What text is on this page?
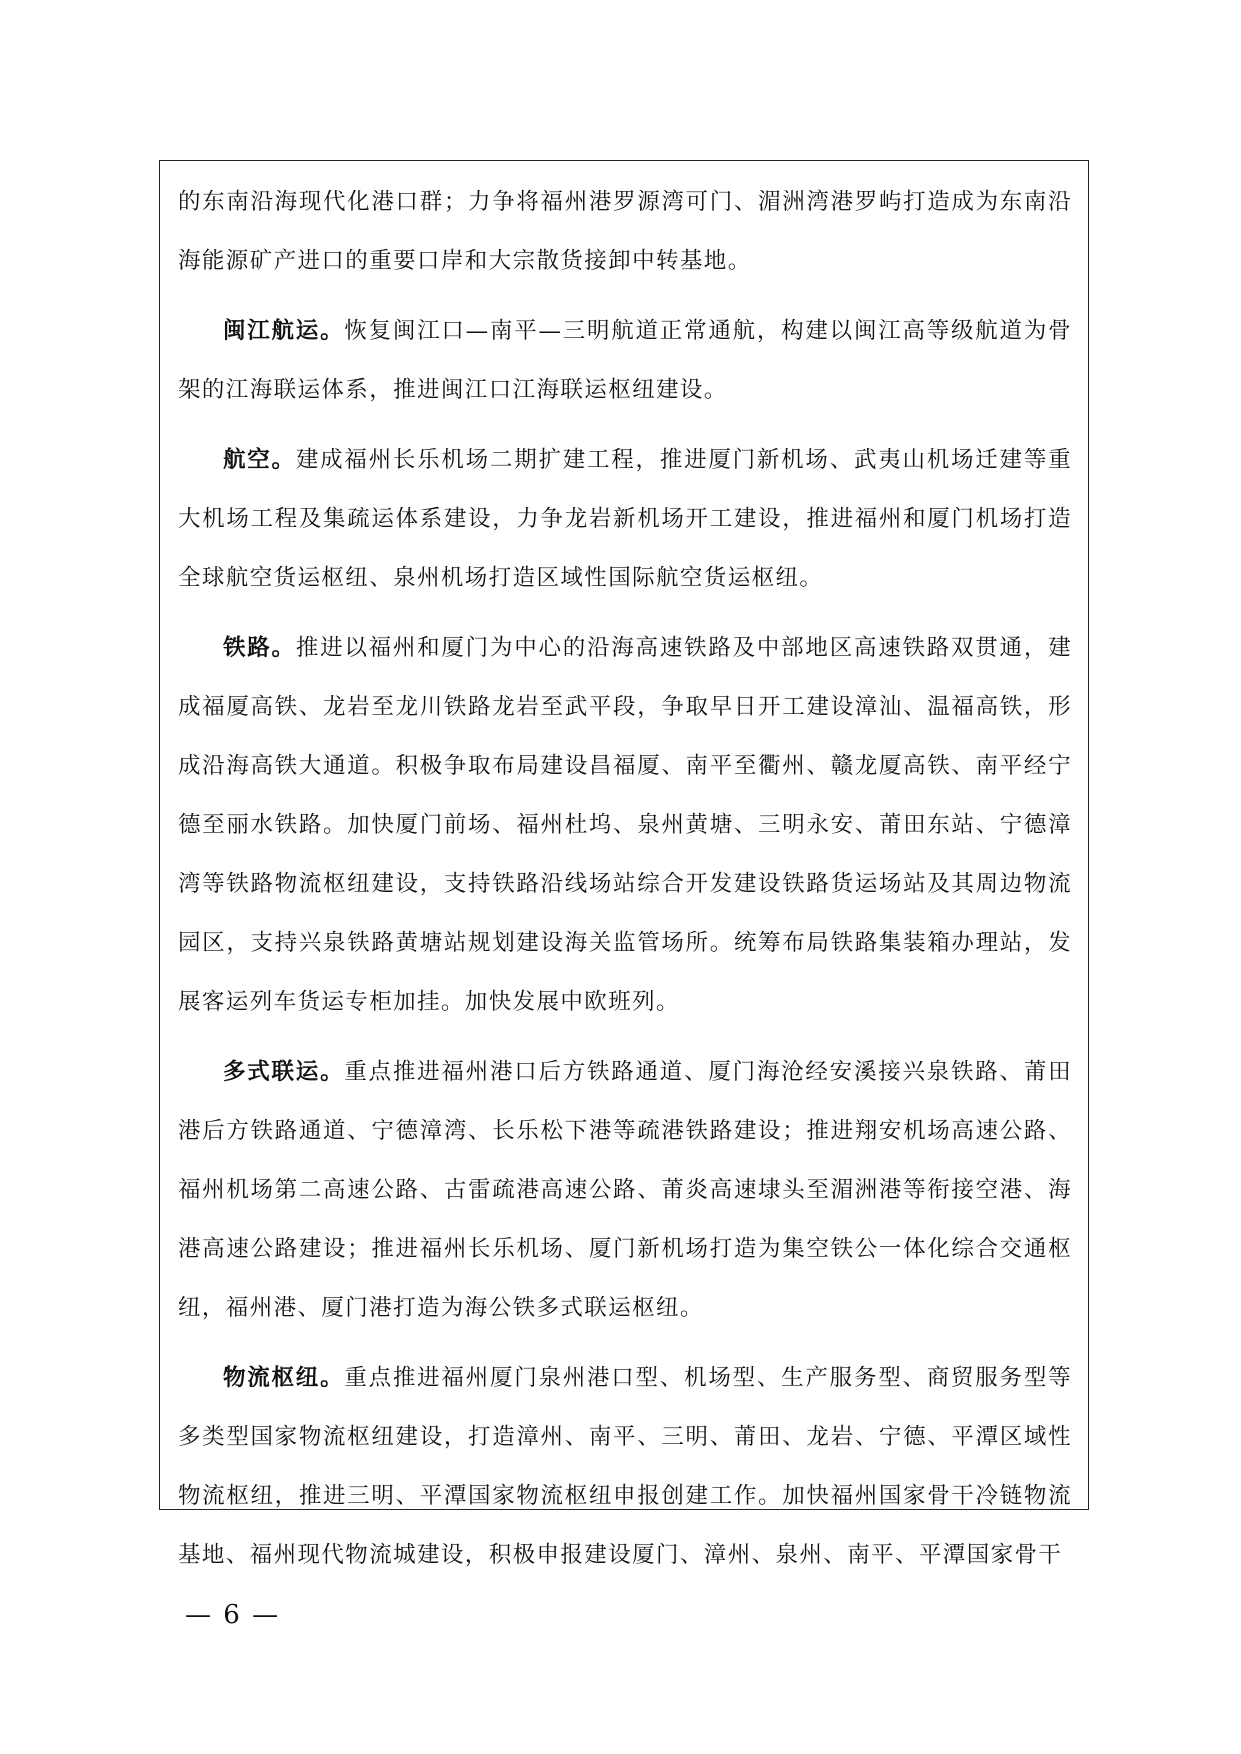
的东南沿海现代化港口群；力争将福州港罗源湾可门、湄洲湾港罗屿打造成为东南沿海能源矿产进口的重要口岸和大宗散货接卸中转基地。

闽江航运。恢复闽江口—南平—三明航道正常通航，构建以闽江高等级航道为骨架的江海联运体系，推进闽江口江海联运枢纽建设。

航空。建成福州长乐机场二期扩建工程，推进厦门新机场、武夷山机场迁建等重大机场工程及集疏运体系建设，力争龙岩新机场开工建设，推进福州和厦门机场打造全球航空货运枢纽、泉州机场打造区域性国际航空货运枢纽。

铁路。推进以福州和厦门为中心的沿海高速铁路及中部地区高速铁路双贯通，建成福厦高铁、龙岩至龙川铁路龙岩至武平段，争取早日开工建设漳汕、温福高铁，形成沿海高铁大通道。积极争取布局建设昌福厦、南平至衢州、赣龙厦高铁、南平经宁德至丽水铁路。加快厦门前场、福州杜坞、泉州黄塘、三明永安、莆田东站、宁德漳湾等铁路物流枢纽建设，支持铁路沿线场站综合开发建设铁路货运场站及其周边物流园区，支持兴泉铁路黄塘站规划建设海关监管场所。统筹布局铁路集装箱办理站，发展客运列车货运专柜加挂。加快发展中欧班列。

多式联运。重点推进福州港口后方铁路通道、厦门海沧经安溪接兴泉铁路、莆田港后方铁路通道、宁德漳湾、长乐松下港等疏港铁路建设；推进翔安机场高速公路、福州机场第二高速公路、古雷疏港高速公路、莆炎高速埭头至湄洲港等衔接空港、海港高速公路建设；推进福州长乐机场、厦门新机场打造为集空铁公一体化综合交通枢纽，福州港、厦门港打造为海公铁多式联运枢纽。

物流枢纽。重点推进福州厦门泉州港口型、机场型、生产服务型、商贸服务型等多类型国家物流枢纽建设，打造漳州、南平、三明、莆田、龙岩、宁德、平潭区域性物流枢纽，推进三明、平潭国家物流枢纽申报创建工作。加快福州国家骨干冷链物流基地、福州现代物流城建设，积极申报建设厦门、漳州、泉州、南平、平潭国家骨干

— 6 —
